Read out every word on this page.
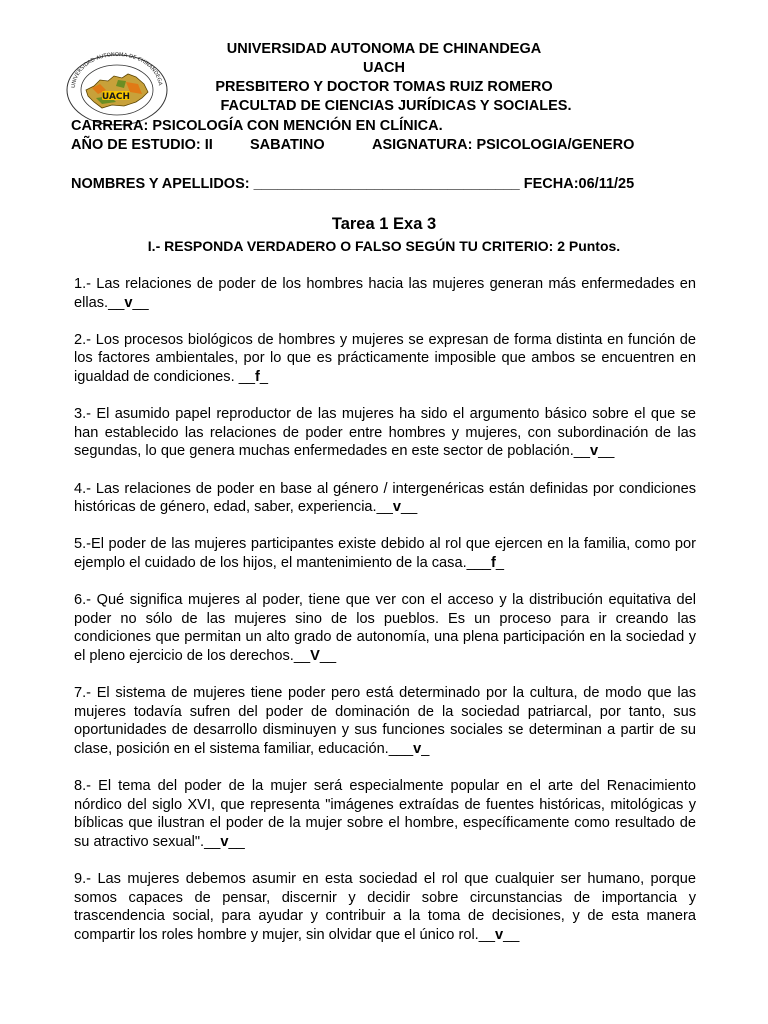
UNIVERSIDAD AUTONOMA DE CHINANDEGA
UACH
UNIVERSIDAD AUTONOMA DE CHINANDEGA
UACH
PRESBITERO Y DOCTOR TOMAS RUIZ ROMERO
FACULTAD DE CIENCIAS JURÍDICAS Y SOCIALES.
CARRERA: PSICOLOGÍA CON MENCIÓN EN CLÍNICA.
AÑO DE ESTUDIO: II	SABATINO	ASIGNATURA: PSICOLOGIA/GENERO
NOMBRES Y APELLIDOS: _________________________________ FECHA:06/11/25
Tarea 1 Exa 3
I.- RESPONDA VERDADERO O FALSO SEGÚN TU CRITERIO: 2 Puntos.

1.- Las relaciones de poder de los hombres hacia las mujeres generan más enfermedades en ellas.__v__

2.- Los procesos biológicos de hombres y mujeres se expresan de forma distinta en función de los factores ambientales, por lo que es prácticamente imposible que ambos se encuentren en igualdad de condiciones. __f_

3.- El asumido papel reproductor de las mujeres ha sido el argumento básico sobre el que se han establecido las relaciones de poder entre hombres y mujeres, con subordinación de las segundas, lo que genera muchas enfermedades en este sector de población.__v__

4.- Las relaciones de poder en base al género / intergenéricas están definidas por condiciones históricas de género, edad, saber, experiencia.__v__

5.-El poder de las mujeres participantes existe debido al rol que ejercen en la familia, como por ejemplo el cuidado de los hijos, el mantenimiento de la casa.___f_

6.- Qué significa mujeres al poder, tiene que ver con el acceso y la distribución equitativa del poder no sólo de las mujeres sino de los pueblos. Es un proceso para ir creando las condiciones que permitan un alto grado de autonomía, una plena participación en la sociedad y el pleno ejercicio de los derechos.__V__

7.- El sistema de mujeres tiene poder pero está determinado por la cultura, de modo que las mujeres todavía sufren del poder de dominación de la sociedad patriarcal, por tanto, sus oportunidades de desarrollo disminuyen y sus funciones sociales se determinan a partir de su clase, posición en el sistema familiar, educación.___v_

8.- El tema del poder de la mujer será especialmente popular en el arte del Renacimiento nórdico del siglo XVI, que representa "imágenes extraídas de fuentes históricas, mitológicas y bíblicas que ilustran el poder de la mujer sobre el hombre, específicamente como resultado de su atractivo sexual".__v__

9.- Las mujeres debemos asumir en esta sociedad el rol que cualquier ser humano, porque somos capaces de pensar, discernir y decidir sobre circunstancias de importancia y trascendencia social, para ayudar y contribuir a la toma de decisiones, y de esta manera compartir los roles hombre y mujer, sin olvidar que el único rol.__v__
